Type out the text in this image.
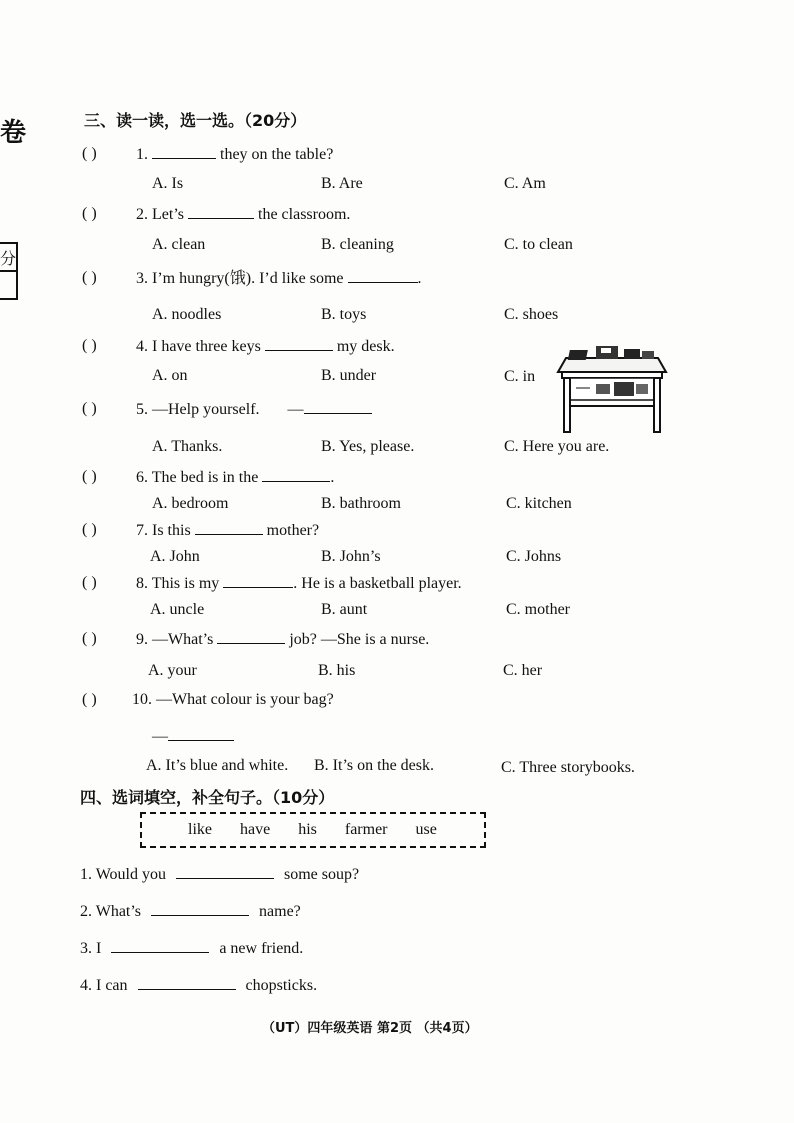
卷
分
三、读一读，选一选。（20分）
( ) 1.	they on the table?
A. Is	B. Are	C. Am
( ) 2. Let’s	the classroom.
A. clean	B. cleaning	C. to clean
( ) 3. I’m hungry(饿). I’d like some	.
A. noodles	B. toys	C. shoes
( ) 4. I have three keys	my desk.
A. on	B. under	C. in
( ) 5. —Help yourself. —
A. Thanks.	B. Yes, please.	C. Here you are.
( ) 6. The bed is in the	.
A. bedroom	B. bathroom	C. kitchen
( ) 7. Is this	mother?
A. John	B. John’s	C. Johns
( ) 8. This is my	. He is a basketball player.
A. uncle	B. aunt	C. mother
( ) 9. —What’s	job? —She is a nurse.
A. your	B. his	C. her
( ) 10. —What colour is your bag?
—
A. It’s blue and white. B. It’s on the desk.	C. Three storybooks.
四、选词填空，补全句子。（10分）
like have his farmer use
1. Would you	some soup?
2. What’s	name?
3. I	a new friend.
4. I can	chopsticks.
（UT）四年级英语 第2页 （共4页）
